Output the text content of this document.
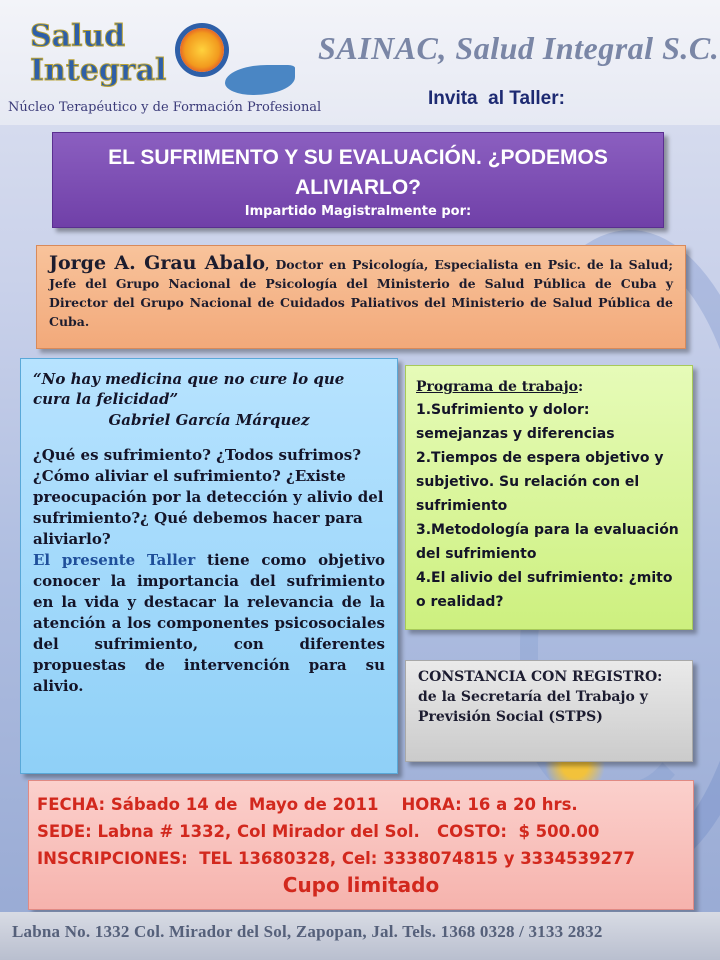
Salud
Integral
Núcleo Terapéutico y de Formación Profesional
SAINAC, Salud Integral S.C.
Invita  al Taller:
EL SUFRIMENTO Y SU EVALUACIÓN. ¿PODEMOS ALIVIARLO?
Impartido Magistralmente por:
Jorge A. Grau Abalo, Doctor en Psicología, Especialista en Psic. de la Salud; Jefe del Grupo Nacional de Psicología del Ministerio de Salud Pública de Cuba y Director del Grupo Nacional de Cuidados Paliativos del Ministerio de Salud Pública de Cuba.
“No hay medicina que no cure lo que cura la felicidad”
Gabriel García Márquez
¿Qué es sufrimiento? ¿Todos sufrimos? ¿Cómo aliviar el sufrimiento? ¿Existe preocupación por la detección y alivio del sufrimiento?¿ Qué debemos hacer para aliviarlo?
El presente Taller tiene como objetivo conocer la importancia del sufrimiento en la vida y destacar la relevancia de la atención a los componentes psicosociales del sufrimiento, con diferentes propuestas de intervención para su alivio.
Programa de trabajo:
1.Sufrimiento y dolor: semejanzas y diferencias
2.Tiempos de espera objetivo y subjetivo. Su relación con el sufrimiento
3.Metodología para la evaluación del sufrimiento
4.El alivio del sufrimiento: ¿mito o realidad?
CONSTANCIA CON REGISTRO: de la Secretaría del Trabajo y Previsión Social (STPS)
FECHA: Sábado 14 de  Mayo de 2011    HORA: 16 a 20 hrs.
SEDE: Labna # 1332, Col Mirador del Sol.   COSTO:  $ 500.00
INSCRIPCIONES:  TEL 13680328, Cel: 3338074815 y 3334539277
Cupo limitado
Labna No. 1332 Col. Mirador del Sol, Zapopan, Jal. Tels. 1368 0328 / 3133 2832
